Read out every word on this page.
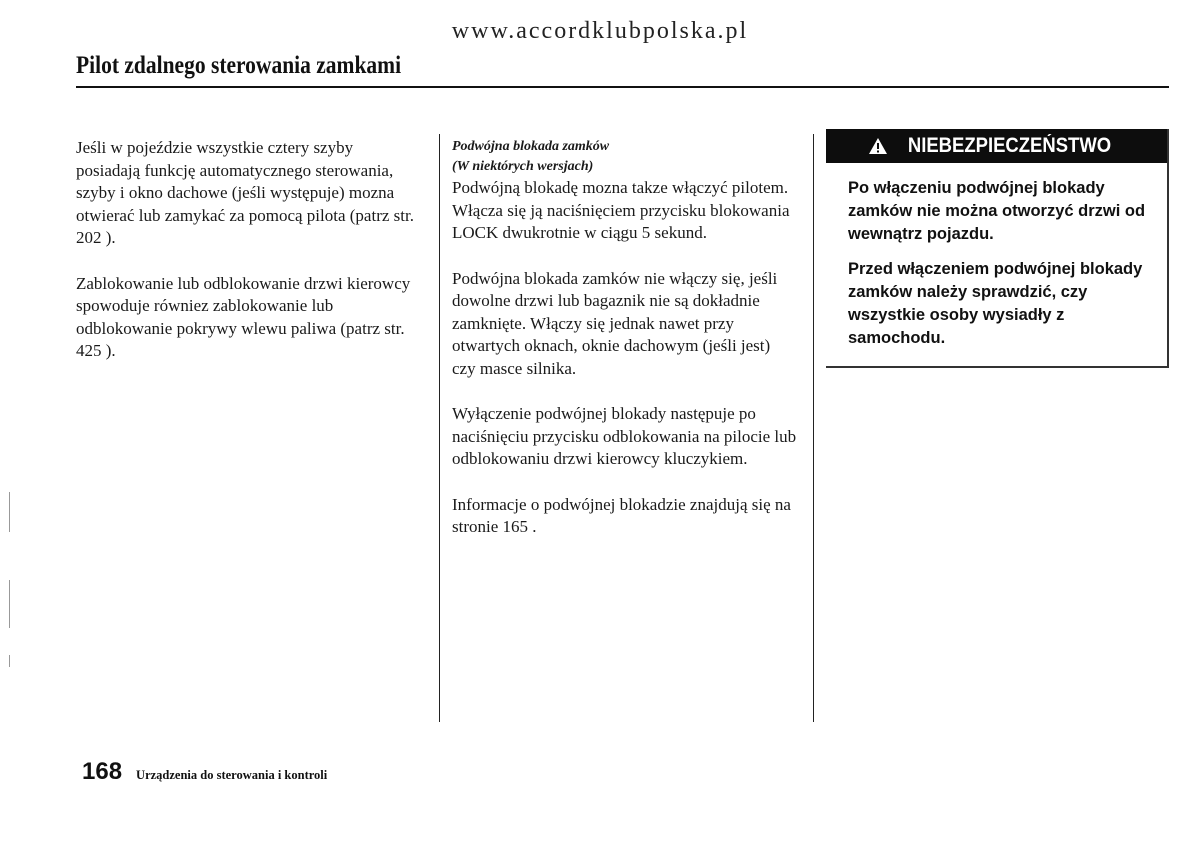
www.accordklubpolska.pl
Pilot zdalnego sterowania zamkami

Jeśli w pojeździe wszystkie cztery szyby posiadają funkcję automatycznego sterowania, szyby i okno dachowe (jeśli występuje) mozna otwierać lub zamykać za pomocą pilota (patrz str. 202 ).

Zablokowanie lub odblokowanie drzwi kierowcy spowoduje równiez zablokowanie lub odblokowanie pokrywy wlewu paliwa (patrz str. 425 ).

Podwójna blokada zamków
(W niektórych wersjach)

Podwójną blokadę mozna takze włączyć pilotem. Włącza się ją naciśnięciem przycisku blokowania LOCK dwukrotnie w ciągu 5 sekund.

Podwójna blokada zamków nie włączy się, jeśli dowolne drzwi lub bagaznik nie są dokładnie zamknięte. Włączy się jednak nawet przy otwartych oknach, oknie dachowym (jeśli jest) czy masce silnika.

Wyłączenie podwójnej blokady następuje po naciśnięciu przycisku odblokowania na pilocie lub odblokowaniu drzwi kierowcy kluczykiem.

Informacje o podwójnej blokadzie znajdują się na stronie 165 .

NIEBEZPIECZEŃSTWO

Po włączeniu podwójnej blokady zamków nie można otworzyć drzwi od wewnątrz pojazdu.

Przed włączeniem podwójnej blokady zamków należy sprawdzić, czy wszystkie osoby wysiadły z samochodu.

168 Urządzenia do sterowania i kontroli
